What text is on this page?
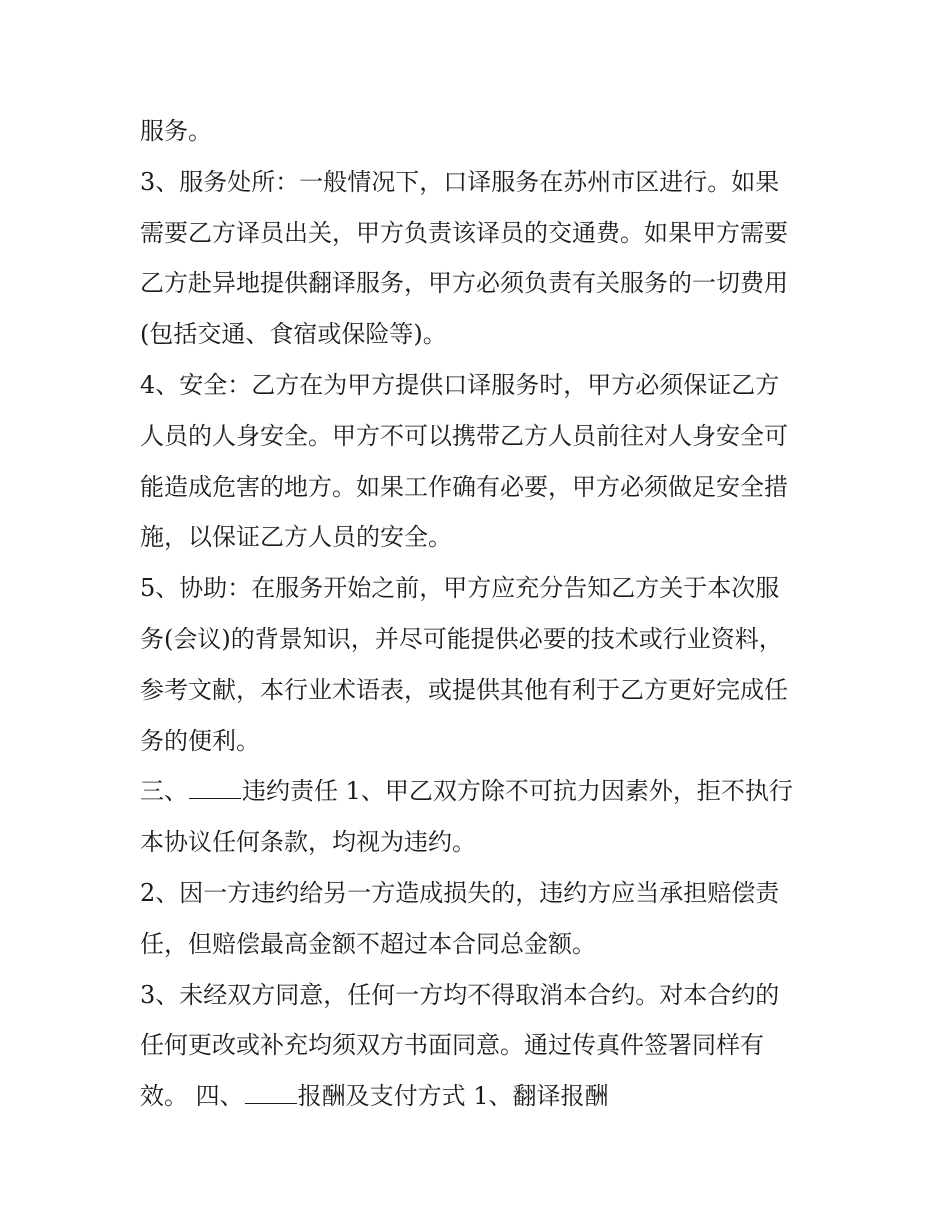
服务。
3、服务处所：一般情况下，口译服务在苏州市区进行。如果
需要乙方译员出关，甲方负责该译员的交通费。如果甲方需要
乙方赴异地提供翻译服务，甲方必须负责有关服务的一切费用
(包括交通、食宿或保险等)。
4、安全：乙方在为甲方提供口译服务时，甲方必须保证乙方
人员的人身安全。甲方不可以携带乙方人员前往对人身安全可
能造成危害的地方。如果工作确有必要，甲方必须做足安全措
施，以保证乙方人员的安全。
5、协助：在服务开始之前，甲方应充分告知乙方关于本次服
务(会议)的背景知识，并尽可能提供必要的技术或行业资料，
参考文献，本行业术语表，或提供其他有利于乙方更好完成任
务的便利。
三、 违约责任 1、甲乙双方除不可抗力因素外，拒不执行
本协议任何条款，均视为违约。
2、因一方违约给另一方造成损失的，违约方应当承担赔偿责
任，但赔偿最高金额不超过本合同总金额。
3、未经双方同意，任何一方均不得取消本合约。对本合约的
任何更改或补充均须双方书面同意。通过传真件签署同样有
效。 四、 报酬及支付方式 1、翻译报酬
